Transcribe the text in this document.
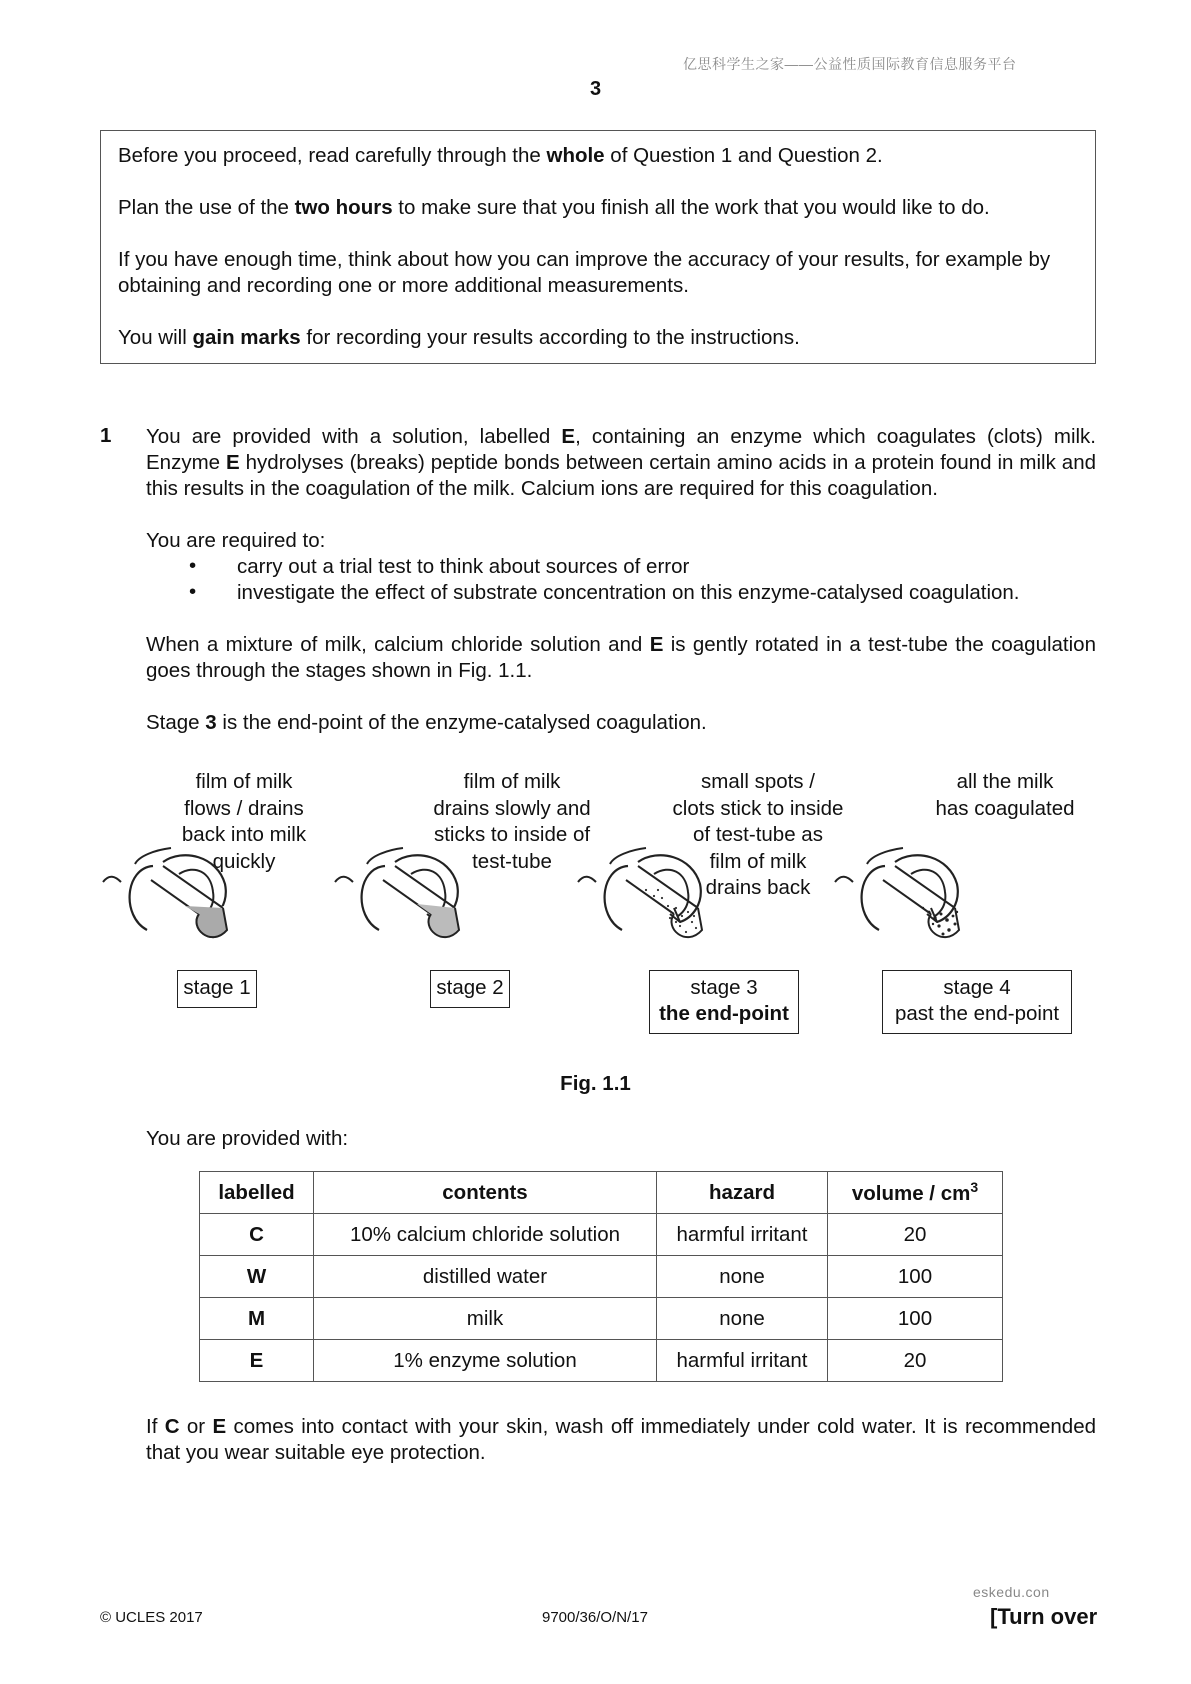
亿思科学生之家——公益性质国际教育信息服务平台
3

Before you proceed, read carefully through the whole of Question 1 and Question 2.

Plan the use of the two hours to make sure that you finish all the work that you would like to do.

If you have enough time, think about how you can improve the accuracy of your results, for example by obtaining and recording one or more additional measurements.

You will gain marks for recording your results according to the instructions.

1 You are provided with a solution, labelled E, containing an enzyme which coagulates (clots) milk. Enzyme E hydrolyses (breaks) peptide bonds between certain amino acids in a protein found in milk and this results in the coagulation of the milk. Calcium ions are required for this coagulation.
You are required to:
• carry out a trial test to think about sources of error
• investigate the effect of substrate concentration on this enzyme-catalysed coagulation.
When a mixture of milk, calcium chloride solution and E is gently rotated in a test-tube the coagulation goes through the stages shown in Fig. 1.1.
Stage 3 is the end-point of the enzyme-catalysed coagulation.
film of milk
flows / drains
back into milk
quickly
film of milk
drains slowly and
sticks to inside of
test-tube
small spots /
clots stick to inside
of test-tube as
film of milk
drains back
all the milk
has coagulated
stage 1	stage 2	stage 3
the end-point
stage 4
past the end-point
Fig. 1.1
You are provided with:
labelled	contents	hazard	volume / $cm^3$
C	10% calcium chloride solution	harmful irritant	20
W	distilled water	none	100
M	milk	none	100
E	1% enzyme solution	harmful irritant	20
If C or E comes into contact with your skin, wash off immediately under cold water. It is recommended that you wear suitable eye protection.
eskedu.con
© UCLES 2017	9700/36/O/N/17	[Turn over
